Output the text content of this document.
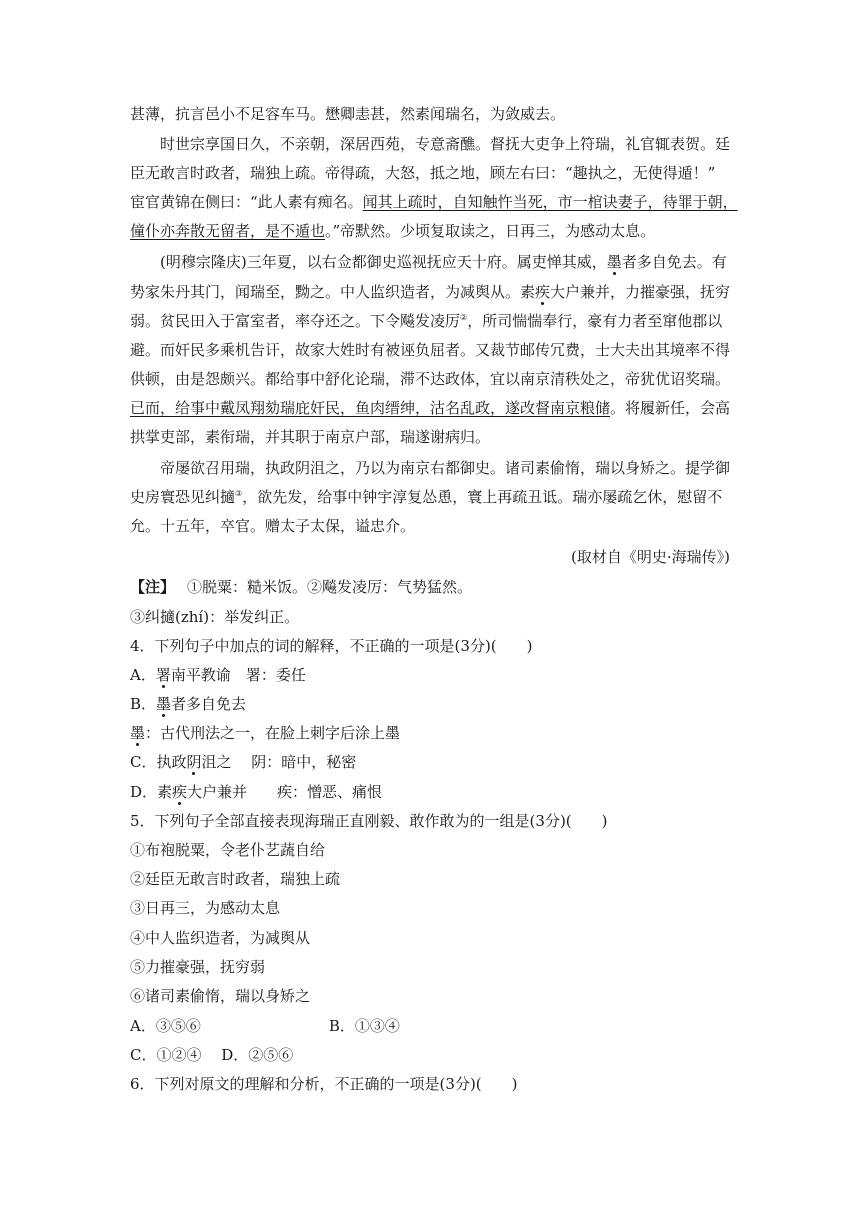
甚薄，抗言邑小不足容车马。懋卿恚甚，然素闻瑞名，为敛威去。
时世宗享国日久，不亲朝，深居西苑，专意斋醮。督抚大吏争上符瑞，礼官辄表贺。廷
臣无敢言时政者，瑞独上疏。帝得疏，大怒，抵之地，顾左右曰：“趣执之，无使得遁！”
宦官黄锦在侧曰：“此人素有痴名。闻其上疏时，自知触忤当死，市一棺诀妻子，待罪于朝，
僮仆亦奔散无留者，是不遁也。”帝默然。少顷复取读之，日再三，为感动太息。
(明穆宗隆庆)三年夏，以右佥都御史巡视抚应天十府。属吏惮其威，墨者多自免去。有
势家朱丹其门，闻瑞至，黝之。中人监织造者，为减舆从。素疾大户兼并，力摧豪强，抚穷
弱。贫民田入于富室者，率夺还之。下令飚发凌厉②，所司惴惴奉行，豪有力者至窜他郡以
避。而奸民多乘机告讦，故家大姓时有被诬负屈者。又裁节邮传冗费，士大夫出其境率不得
供顿，由是怨颇兴。都给事中舒化论瑞，滞不达政体，宜以南京清秩处之，帝犹优诏奖瑞。
已而，给事中戴凤翔劾瑞庇奸民，鱼肉缙绅，沽名乱政，遂改督南京粮储。将履新任，会高
拱掌吏部，素衔瑞，并其职于南京户部，瑞遂谢病归。
帝屡欲召用瑞，执政阴沮之，乃以为南京右都御史。诸司素偷惰，瑞以身矫之。提学御
史房寰恐见纠擿③，欲先发，给事中钟宇淳复怂恿，寰上再疏丑诋。瑞亦屡疏乞休，慰留不
允。十五年，卒官。赠太子太保，谥忠介。
(取材自《明史·海瑞传》)
【注】 ①脱粟：糙米饭。②飚发凌厉：气势猛然。
③纠擿(zhí)：举发纠正。
4．下列句子中加点的词的解释，不正确的一项是(3分)(　　)
A．署南平教谕　署：委任
B．墨者多自免去
墨：古代刑法之一，在脸上刺字后涂上墨
C．执政阴沮之　 阴：暗中，秘密
D．素疾大户兼并　　疾：憎恶、痛恨
5．下列句子全部直接表现海瑞正直刚毅、敢作敢为的一组是(3分)(　　)
①布袍脱粟，令老仆艺蔬自给
②廷臣无敢言时政者，瑞独上疏
③日再三，为感动太息
④中人监织造者，为减舆从
⑤力摧豪强，抚穷弱
⑥诸司素偷惰，瑞以身矫之
A．③⑤⑥	B．①③④
C．①②④　 D．②⑤⑥
6．下列对原文的理解和分析，不正确的一项是(3分)(　　)
